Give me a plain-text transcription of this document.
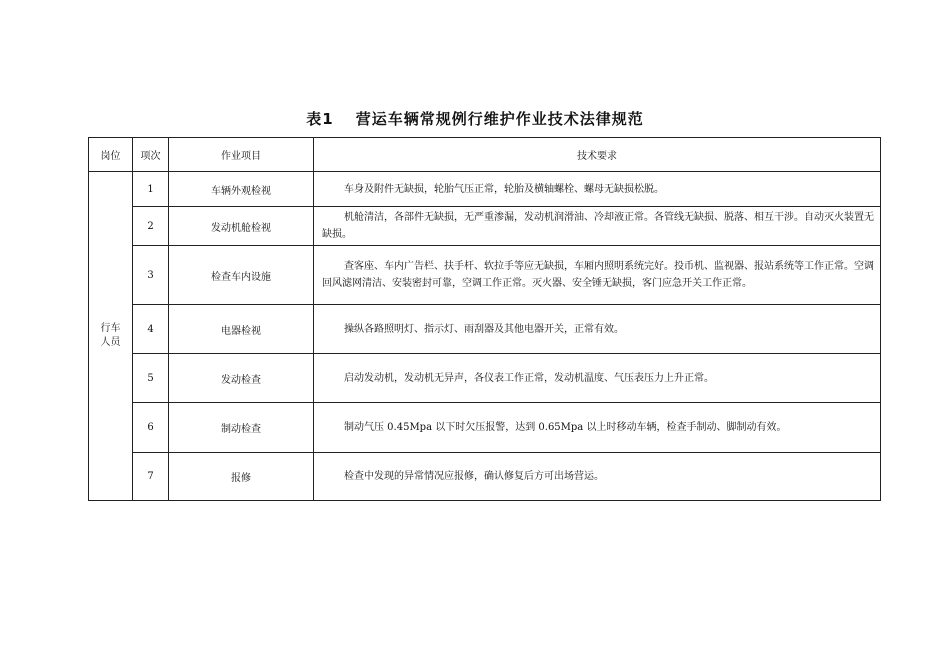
表1 营运车辆常规例行维护作业技术法律规范
岗位	项次	作业项目	技术要求

行车
人员	1	车辆外观检视	车身及附件无缺损，轮胎气压正常，轮胎及横轴螺栓、螺母无缺损松脱。
	2	发动机舱检视	机舱清洁，各部件无缺损，无严重渗漏，发动机润滑油、冷却液正常。各管线无缺损、脱落、相互干涉。自动灭火装置无缺损。
	3	检查车内设施	查客座、车内广告栏、扶手杆、软拉手等应无缺损，车厢内照明系统完好。投币机、监视器、报站系统等工作正常。空调回风滤网清洁、安装密封可靠，空调工作正常。灭火器、安全锤无缺损，客门应急开关工作正常。
	4	电器检视	操纵各路照明灯、指示灯、雨刮器及其他电器开关，正常有效。
	5	发动检查	启动发动机，发动机无异声，各仪表工作正常，发动机温度、气压表压力上升正常。
	6	制动检查	制动气压 0.45Mpa 以下时欠压报警，达到 0.65Mpa 以上时移动车辆，检查手制动、脚制动有效。
	7	报修	检查中发现的异常情况应报修，确认修复后方可出场营运。
